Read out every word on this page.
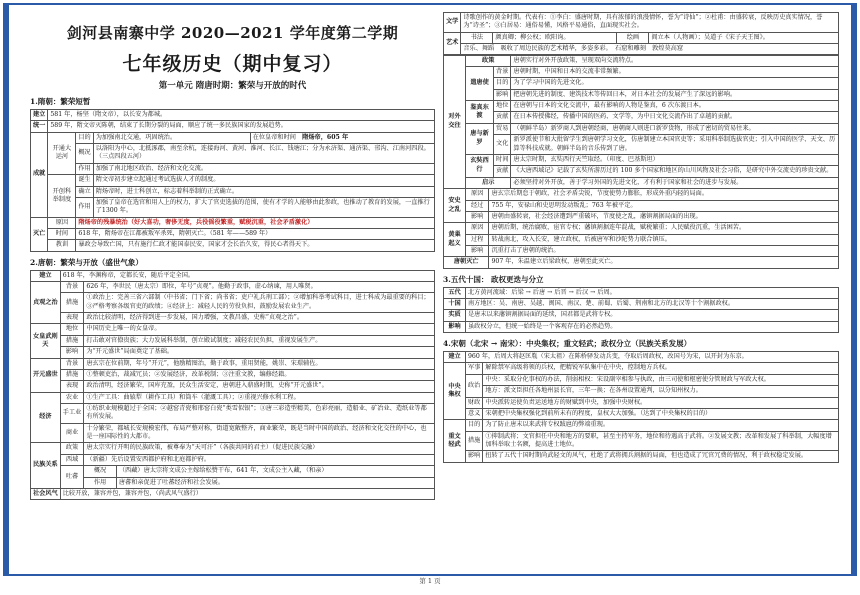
剑河县南寨中学 2020—2021 学年度第二学期
七年级历史（期中复习）
第一单元 隋唐时期：繁荣与开放的时代
1.隋朝：繁荣短暂
建立	581 年，杨坚（隋文帝），以长安为都城。			
统一	589 年，隋文帝灭陈朝，结束了长期分裂的局面，顺应了统一多民族国家的发展趋势。			
成就	开通大运河	目的	为加强南北交通，巩固统治。	在位皇帝和时间　 隋炀帝，605 年
		概况	以洛阳为中心，北抵涿郡，南至余杭，连接海河、黄河、淮河、长江、钱塘江；分为永济渠、通济渠、邗沟、江南河四段。（三点四段五河）	
		作用	加强了南北地区政治、经济和文化交流。	
	开创科举制度	诞生	隋文帝初步建立起通过考试选拔人才的制度。	
		确立	隋炀帝时，进士科创立，标志着科举制的正式确立。	
		作用	加强了皇帝在选官和用人上的权力，扩大了官吏选拔的范围，使有才学的人能够由此参政，也推动了教育的发展，一直推行了1300 年。	
灭亡	原因	隋炀帝的残暴统治（好大喜功，奢侈无度，兵役徭役繁重，赋税沉重，社会矛盾激化）		
	时间	618 年，隋炀帝在江都被叛军杀死，隋朝灭亡。（581 年——589 年）		
	教训	暴政会导致亡国，只有施行仁政才能国泰民安，国家才会长治久安，得民心者得天下。		
2.唐朝：繁荣与开放（盛世气象）
建立	618 年，李渊称帝，定都长安，随后平定全国。		
贞观之治	背景	626 年，李世民（唐太宗）即位，年号“贞观”。他勤于政事，虚心纳谏，用人唯贤。	
	措施	①政治上：完善三省六部制（中书省；门下省；尚书省；吏户礼兵刑工部）；②增加科举考试科目，进士科成为最重要的科目；③严格考察各级官吏的政绩；④经济上：减轻人民的劳役负担，鼓励发展农业生产。	
	表现	政治比较清明，经济得到进一步发展，国力增强，文教昌盛，史称“贞观之治”。	
女皇武则天	地位	中国历史上唯一的女皇帝。	
	措施	打击敢对官僚贵族；大力发展科举制，创立殿试制度；减轻农民负担，重视发展生产。	
	影响	为“开元盛世”局面奠定了基础。	
开元盛世	背景	唐玄宗在位前期，年号“开元”，他励精图治，勤于政事，重用贤能，姚崇、宋璟辅佐。	
	措施	①整顿吏治，裁减冗员；②发展经济，改革税制；③注重文教，编修经籍。	
	表现	政治清明，经济繁荣，国库充盈，民众生活安定，唐朝进入鼎盛时期，史称“开元盛世”。	
经济	农业	①生产工具：曲辕犁（耕作工具）和筒车（灌溉工具）；②重视兴修水利工程。	
	手工业	①纺织业规模超过于全国；②越窑青瓷和邢窑白瓷“类雪似银”；③唐三彩造型精美，色彩亮丽，造船业、矿冶业、造纸业等都有所发展。	
	商业	十分繁荣，都城长安规模宏伟，布局严整对称，街道宽敞整齐，商业繁荣，既是当时中国的政治、经济和文化交往的中心，也是一座国际性的大都市。	
民族关系	政策	唐太宗实行开明的民族政策，被尊奉为“天可汗”（各族共同的君主）（促进民族交融）	
	西域	（新疆）先后设置安西都护府和北庭都护府。	
	吐蕃	概况	（西藏）唐太宗将文成公主嫁给松赞干布，641 年，文成公主入藏，（和亲）
		作用	唐蕃和亲促进了吐蕃经济和社会发展。
社会风气	比较开放，兼容并包，兼容并包，（尚武风气盛行）		
文学	诗歌创作的黄金时期。代表有：①李白：盛唐时期，具有浓郁的浪漫情怀，誉为“诗仙”；②杜甫：由盛转衰，反映历史真实情况，誉为“诗圣”；③白居易：通俗易懂，风格平易通俗，直面现实社会。			
艺术	书法	颜真卿；柳公权；欧阳询。	绘画	阎立本（人物画）；吴道子《宋子天王图》。
	音乐、舞蹈　吸收了周边民族的艺术精华，多姿多彩。　石窟和雕刻　敦煌莫高窟			
对外交往	政策		唐朝实行对外开放政策，呈现双向交流特点。
	遣唐使	背景	唐朝时期，中国和日本的交流非常频繁。
		目的	为了学习中国的先进文化。
		影响	把唐朝先进的制度、建筑技术等传回日本，对日本社会的发展产生了深远的影响。
	鉴真东渡	地位	在唐朝与日本的文化交流中，最有影响的人物是鉴真，6 次东渡日本。
		贡献	在日本传授佛经，传播中国的医药、文学等，为中日文化交流作出了卓越的贡献。
	唐与新罗	贸易	（朝鲜半岛）新罗商人到唐朝经商，唐朝商人则进口新罗货物，形成了密切的贸易往来。
		文化	新罗派使节和大批留学生到唐朝学习文化，仿唐制建立本国官吏等；采用科举制选拔官吏；引入中国的医学、天文、历算等科技成就。朝鲜半岛的音乐传到了唐。
	玄奘西行	时间	唐太宗时期，玄奘西行天竺取经。（印度、巴基斯坦）
		贡献	《大唐西域记》记载了玄奘所游历过的 100 多个国家和地区的山川风物及社会习俗，是研究中外交流史的珍贵文献。
	启示		必须坚持对外开放，善于学习外国的先进文化，才有利于国家和社会的进步与发展。
安史之乱	原因	唐玄宗后期怠于朝政，社会矛盾尖锐，节度使势力膨胀，形成外重内轻的局面。
	经过	755 年，安禄山和史思明发动叛乱；763 年被平定。
	影响	唐朝由盛转衰，社会经济遭到严重破坏，节度使之乱，藩镇割据局面的出现。
黄巢起义	原因	唐朝后期，统治腐败，宦官专权；藩镇割据连年混战，赋税繁重；人民赋役沉重，生活困苦。
	过程	转战南北，攻入长安，建立政权，后被唐军和沙陀势力联合镇压。
	影响	沉重打击了唐朝的统治。
唐朝灭亡		907 年，朱温建立后梁政权，唐朝至此灭亡。
3.五代十国： 政权更迭与分立
五代	北方黄河流域：后梁 → 后唐 → 后晋 → 后汉 → 后周。
十国	南方地区：吴、南唐、吴越、闽国、南汉、楚、前蜀、后蜀、荆南和北方的北汉等十个割据政权。
实质	是唐末以来藩镇割据局面的延续，国君都是武将专权。
影响	虽政权分立，但统一始终是一个客观存在的必然趋势。
4.宋朝（北宋 → 南宋）：中央集权；重文轻武；政权分立（民族关系发展）
建立	960 年，后周大将赵匡胤（宋太祖）在陈桥驿发动兵变，夺取后周政权，改国号为宋，以开封为东京。	
中央集权	军事	解除禁军高级将领的兵权，把精锐军队集中在中央，控制地方兵权。
	政治	中央：采取分化事权的办法，削弱相权：宋设副宰相参与执政，由三司使和枢密使分管财政与军政大权。
		地方：派文臣担任各地州县长官，三年一换；在各州设置通判，以分知州权力。
	财政	中央派转运使负责运送地方的财赋到中央，加强中央财权。
	意义	宋朝把中央集权强化到前所未有的程度，皇权大大加强。（达到了中央集权的目的）
重文轻武	目的	为了防止唐末以来武将专权跋扈的弊端重现。
	措施	①抑制武将；文官担任中央和地方的要职，甚至主持军务，地位和待遇高于武将。②发展文教；改革和发展了科举制，大幅度增加科举取士名额，提高进士地位。
	影响	扭转了五代十国时期尚武轻文的风气，杜绝了武将拥兵割据的局面，但也造成了冗官冗费的情况，利于政权稳定发展。
第 1 页
